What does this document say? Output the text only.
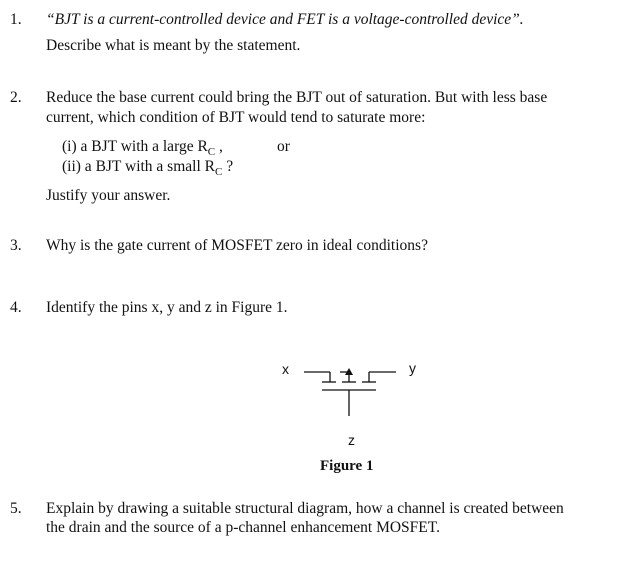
1. “BJT is a current-controlled device and FET is a voltage-controlled device”.
Describe what is meant by the statement.
2. Reduce the base current could bring the BJT out of saturation. But with less base
current, which condition of BJT would tend to saturate more:
(i) a BJT with a large $R_C$ ,	or
(ii) a BJT with a small $R_C$ ?
Justify your answer.
3. Why is the gate current of MOSFET zero in ideal conditions?
4. Identify the pins x, y and z in Figure 1.
x	y
z
Figure 1
5. Explain by drawing a suitable structural diagram, how a channel is created between
the drain and the source of a p-channel enhancement MOSFET.
